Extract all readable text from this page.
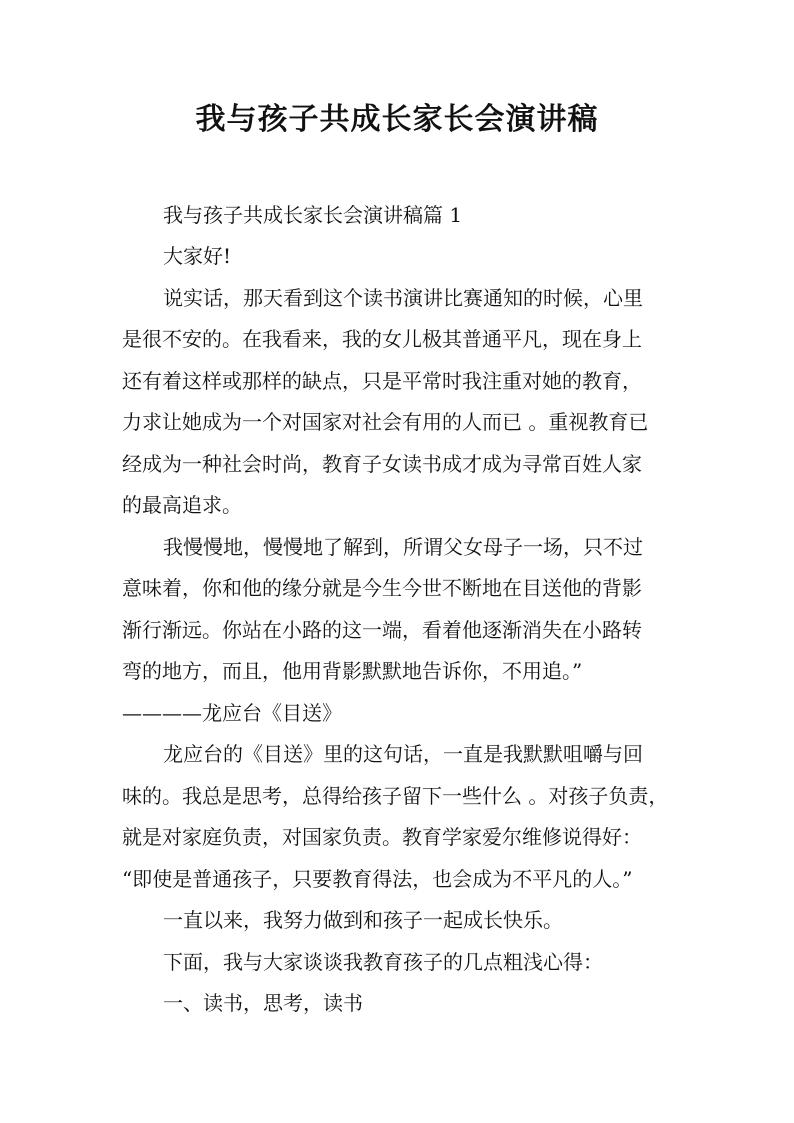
我与孩子共成长家长会演讲稿

我与孩子共成长家长会演讲稿篇 1

大家好!

说实话，那天看到这个读书演讲比赛通知的时候，心里

是很不安的。在我看来，我的女儿极其普通平凡，现在身上

还有着这样或那样的缺点，只是平常时我注重对她的教育，

力求让她成为一个对国家对社会有用的人而已 。重视教育已

经成为一种社会时尚，教育子女读书成才成为寻常百姓人家

的最高追求。

我慢慢地，慢慢地了解到，所谓父女母子一场，只不过

意味着，你和他的缘分就是今生今世不断地在目送他的背影

渐行渐远。你站在小路的这一端，看着他逐渐消失在小路转

弯的地方，而且，他用背影默默地告诉你，不用追。”

————龙应台《目送》

龙应台的《目送》里的这句话，一直是我默默咀嚼与回

味的。我总是思考，总得给孩子留下一些什么 。对孩子负责，

就是对家庭负责，对国家负责。教育学家爱尔维修说得好：

“即使是普通孩子，只要教育得法，也会成为不平凡的人。”

一直以来，我努力做到和孩子一起成长快乐。

下面，我与大家谈谈我教育孩子的几点粗浅心得：

一、读书，思考，读书
